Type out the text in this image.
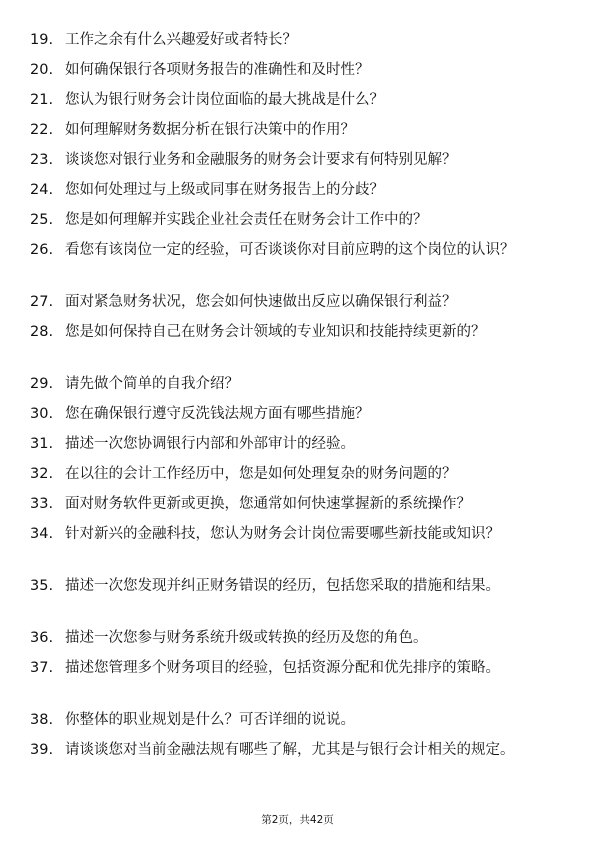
19. 工作之余有什么兴趣爱好或者特长？
20. 如何确保银行各项财务报告的准确性和及时性？
21. 您认为银行财务会计岗位面临的最大挑战是什么？
22. 如何理解财务数据分析在银行决策中的作用？
23. 谈谈您对银行业务和金融服务的财务会计要求有何特别见解？
24. 您如何处理过与上级或同事在财务报告上的分歧？
25. 您是如何理解并实践企业社会责任在财务会计工作中的？
26. 看您有该岗位一定的经验，可否谈谈你对目前应聘的这个岗位的认识？
27. 面对紧急财务状况，您会如何快速做出反应以确保银行利益？
28. 您是如何保持自己在财务会计领域的专业知识和技能持续更新的？
29. 请先做个简单的自我介绍？
30. 您在确保银行遵守反洗钱法规方面有哪些措施？
31. 描述一次您协调银行内部和外部审计的经验。
32. 在以往的会计工作经历中，您是如何处理复杂的财务问题的？
33. 面对财务软件更新或更换，您通常如何快速掌握新的系统操作？
34. 针对新兴的金融科技，您认为财务会计岗位需要哪些新技能或知识？
35. 描述一次您发现并纠正财务错误的经历，包括您采取的措施和结果。
36. 描述一次您参与财务系统升级或转换的经历及您的角色。
37. 描述您管理多个财务项目的经验，包括资源分配和优先排序的策略。
38. 你整体的职业规划是什么？可否详细的说说。
39. 请谈谈您对当前金融法规有哪些了解，尤其是与银行会计相关的规定。
第2页，共42页
